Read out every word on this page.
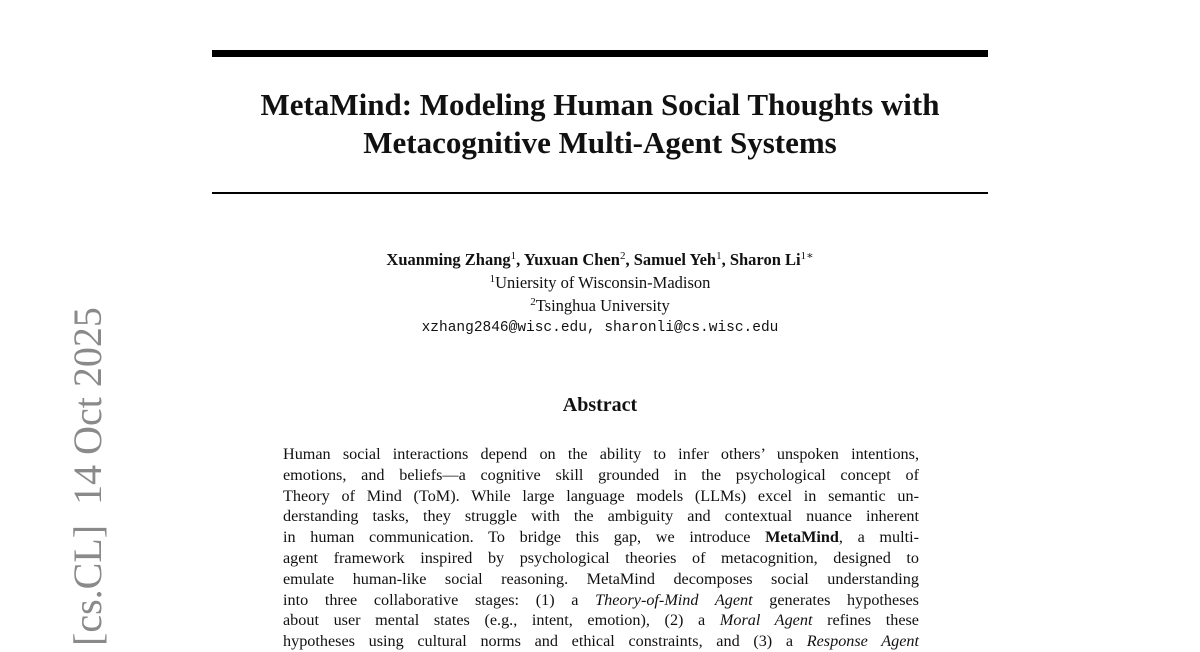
[cs.CL]  14 Oct 2025
MetaMind: Modeling Human Social Thoughts with
Metacognitive Multi-Agent Systems
Xuanming Zhang$^1$, Yuxuan Chen$^2$, Samuel Yeh$^1$, Sharon $Li^{1∗}$
$^1$Uniersity of Wisconsin-Madison
$^2$Tsinghua University
xzhang2846@wisc.edu, sharonli@cs.wisc.edu
Abstract
Human social interactions depend on the ability to infer others’ unspoken intentions,
emotions, and beliefs—a cognitive skill grounded in the psychological concept of
Theory of Mind (ToM). While large language models (LLMs) excel in semantic un-
derstanding tasks, they struggle with the ambiguity and contextual nuance inherent
in human communication. To bridge this gap, we introduce MetaMind, a multi-
agent framework inspired by psychological theories of metacognition, designed to
emulate human-like social reasoning. MetaMind decomposes social understanding
into three collaborative stages: (1) a Theory-of-Mind Agent generates hypotheses
about user mental states (e.g., intent, emotion), (2) a Moral Agent refines these
hypotheses using cultural norms and ethical constraints, and (3) a Response Agent
